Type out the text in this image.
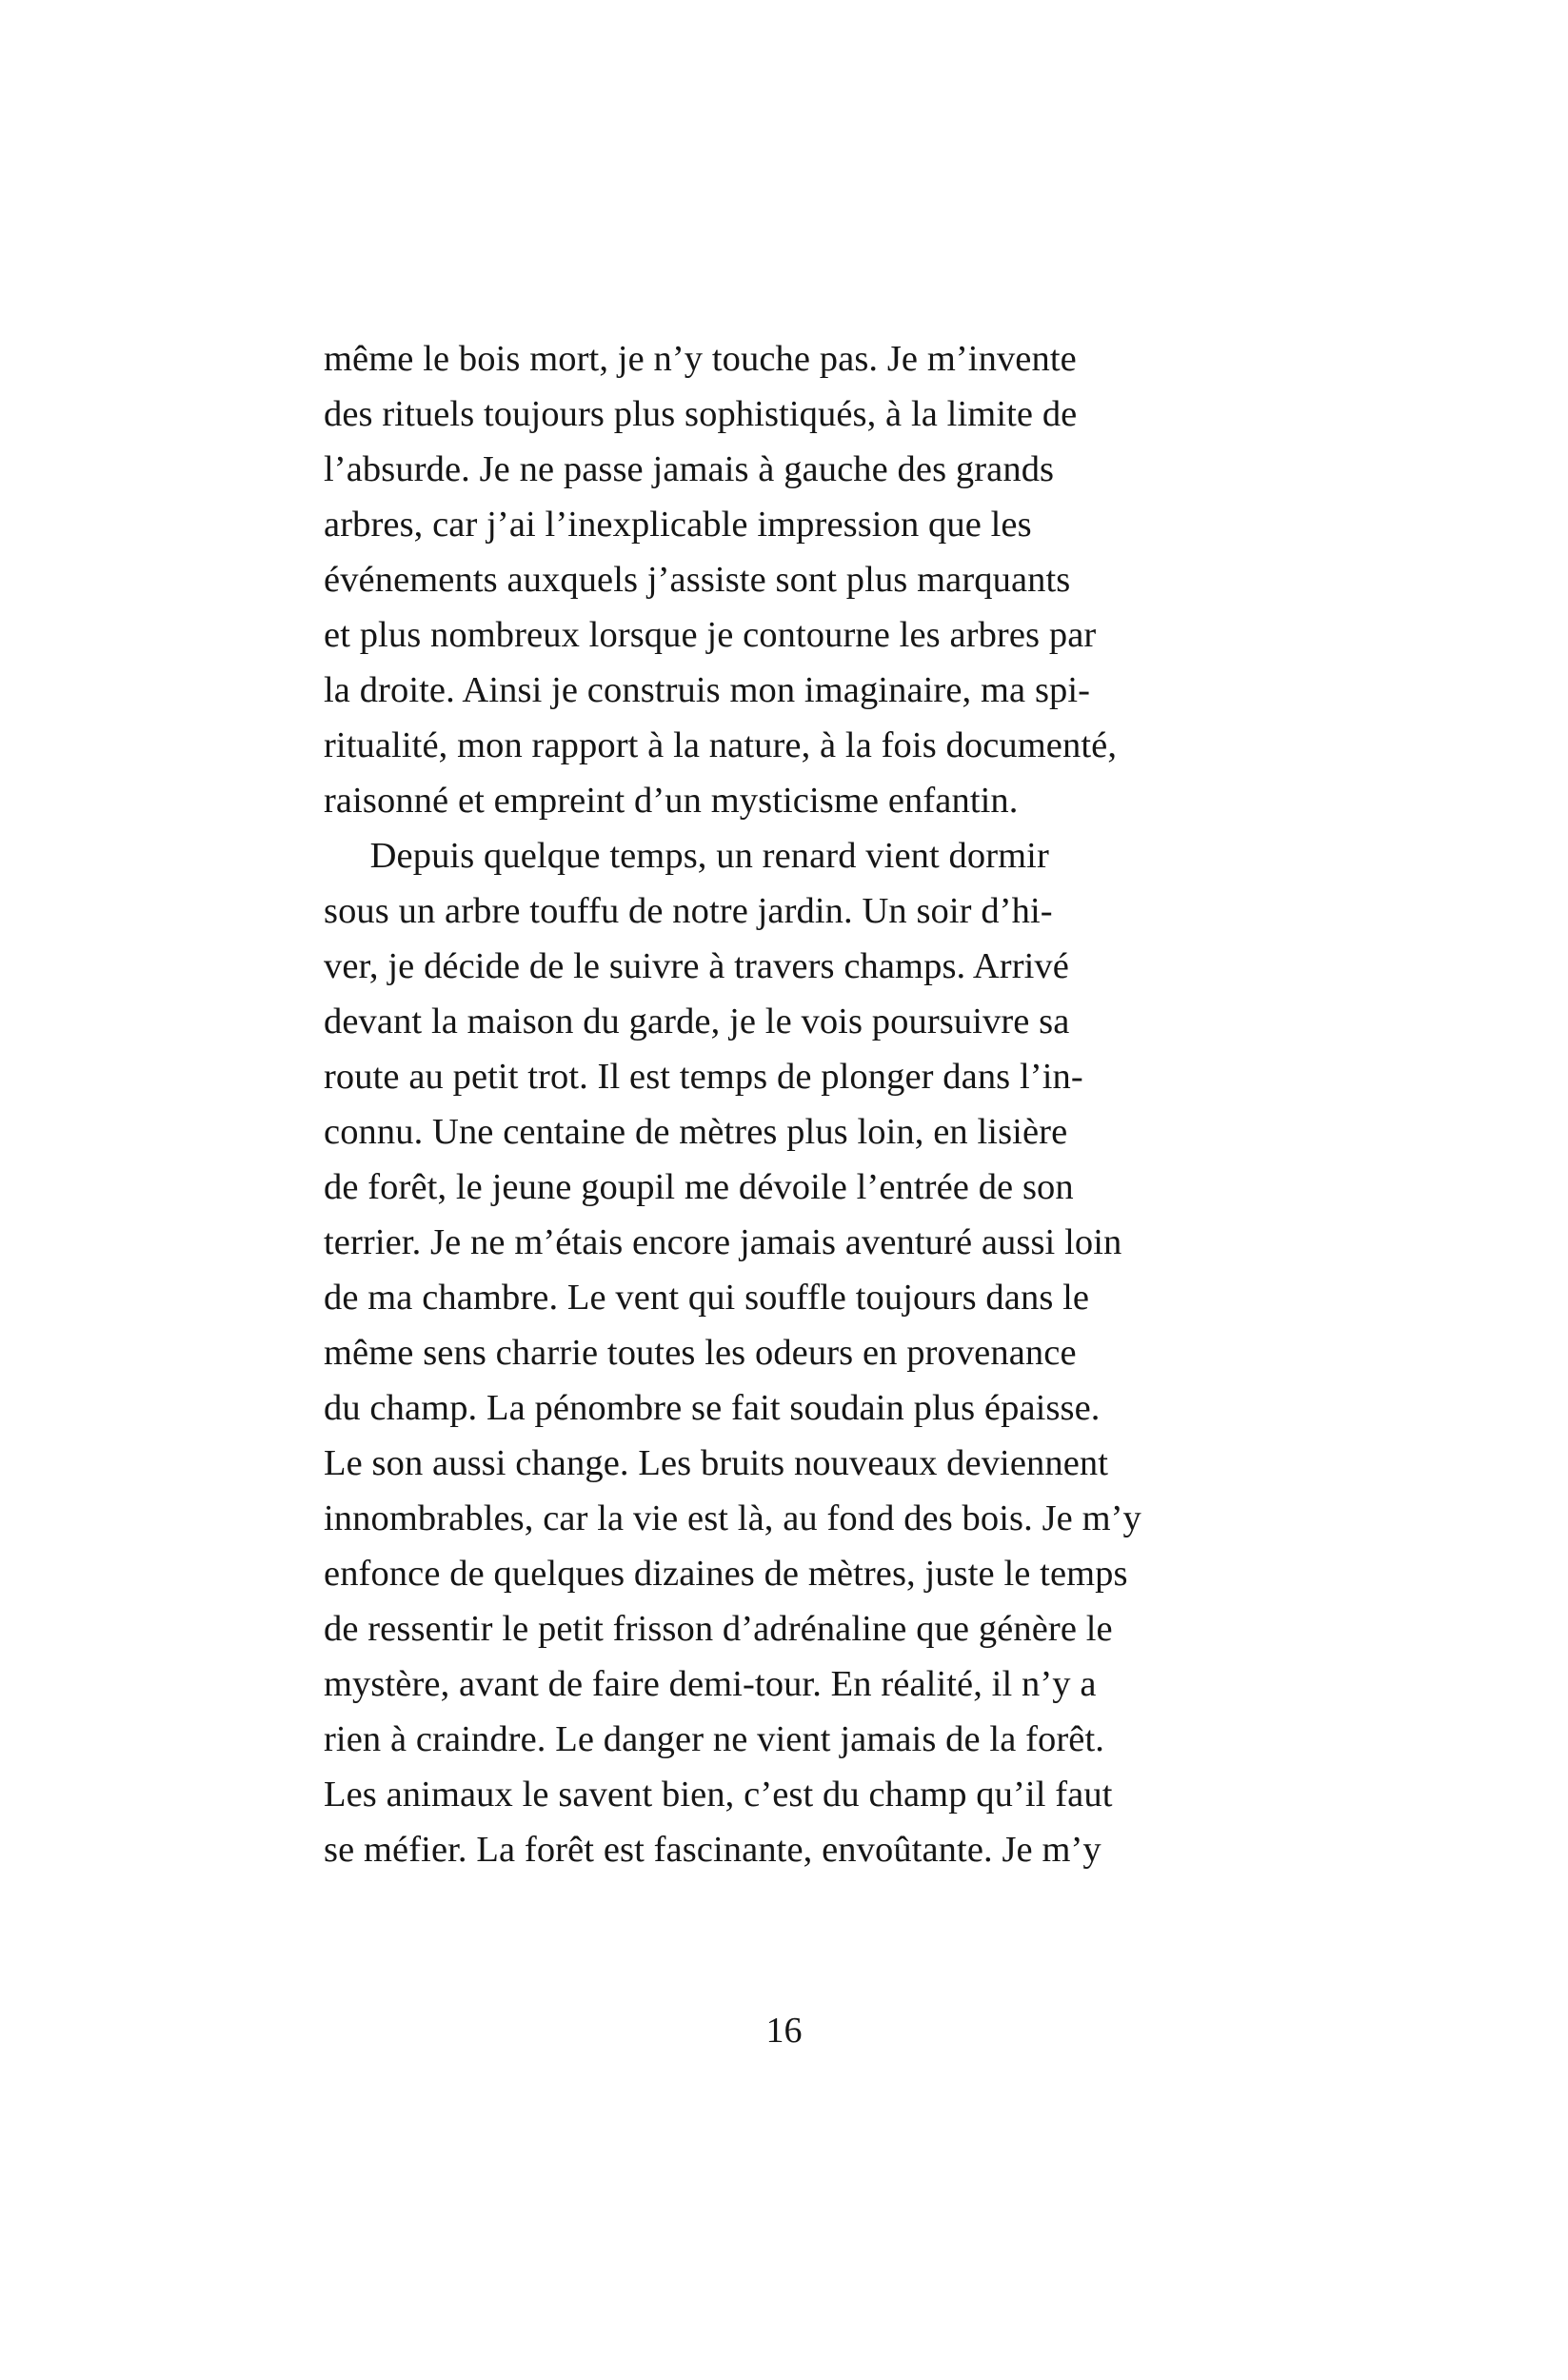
même le bois mort, je n’y touche pas. Je m’invente
des rituels toujours plus sophistiqués, à la limite de
l’absurde. Je ne passe jamais à gauche des grands
arbres, car j’ai l’inexplicable impression que les
événements auxquels j’assiste sont plus marquants
et plus nombreux lorsque je contourne les arbres par
la droite. Ainsi je construis mon imaginaire, ma spi-
ritualité, mon rapport à la nature, à la fois documenté,
raisonné et empreint d’un mysticisme enfantin.
Depuis quelque temps, un renard vient dormir
sous un arbre touffu de notre jardin. Un soir d’hi-
ver, je décide de le suivre à travers champs. Arrivé
devant la maison du garde, je le vois poursuivre sa
route au petit trot. Il est temps de plonger dans l’in-
connu. Une centaine de mètres plus loin, en lisière
de forêt, le jeune goupil me dévoile l’entrée de son
terrier. Je ne m’étais encore jamais aventuré aussi loin
de ma chambre. Le vent qui souffle toujours dans le
même sens charrie toutes les odeurs en provenance
du champ. La pénombre se fait soudain plus épaisse.
Le son aussi change. Les bruits nouveaux deviennent
innombrables, car la vie est là, au fond des bois. Je m’y
enfonce de quelques dizaines de mètres, juste le temps
de ressentir le petit frisson d’adrénaline que génère le
mystère, avant de faire demi-tour. En réalité, il n’y a
rien à craindre. Le danger ne vient jamais de la forêt.
Les animaux le savent bien, c’est du champ qu’il faut
se méfier. La forêt est fascinante, envoûtante. Je m’y
16
